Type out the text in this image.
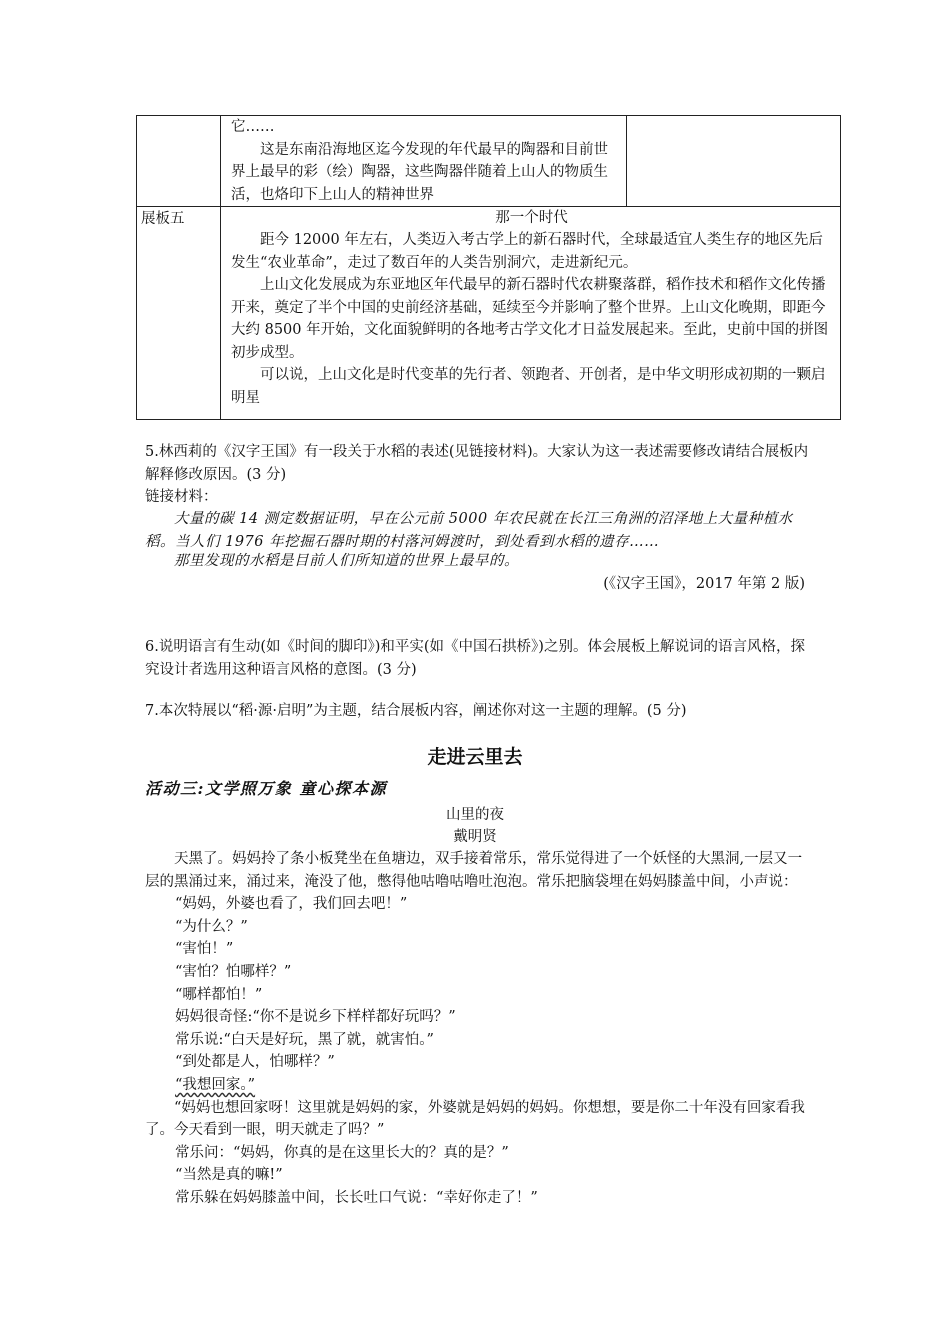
	它……

这是东南沿海地区迄今发现的年代最早的陶器和目前世界上最早的彩（绘）陶器，这些陶器伴随着上山人的物质生活，也烙印下上山人的精神世界	

展板五	那一个时代

距今 12000 年左右，人类迈入考古学上的新石器时代，全球最适宜人类生存的地区先后发生“农业革命”，走过了数百年的人类告别洞穴，走进新纪元。

上山文化发展成为东亚地区年代最早的新石器时代农耕聚落群，稻作技术和稻作文化传播开来，奠定了半个中国的史前经济基础，延续至今并影响了整个世界。上山文化晚期，即距今大约 8500 年开始，文化面貌鲜明的各地考古学文化才日益发展起来。至此，史前中国的拼图初步成型。

可以说，上山文化是时代变革的先行者、领跑者、开创者，是中华文明形成初期的一颗启明星	

5.林西莉的《汉字王国》有一段关于水稻的表述(见链接材料)。大家认为这一表述需要修改请结合展板内解释修改原因。(3 分)

链接材料：

大量的碳 14 测定数据证明，早在公元前 5000 年农民就在长江三角洲的沼泽地上大量种植水稻。当人们 1976 年挖掘石器时期的村落河姆渡时，到处看到水稻的遗存……

那里发现的水稻是目前人们所知道的世界上最早的。

(《汉字王国》，2017 年第 2 版)

6.说明语言有生动(如《时间的脚印》)和平实(如《中国石拱桥》)之别。体会展板上解说词的语言风格，探究设计者选用这种语言风格的意图。(3 分)

7.本次特展以“稻·源·启明”为主题，结合展板内容，阐述你对这一主题的理解。(5 分)

走进云里去

活动三:文学照万象 童心探本源

山里的夜

戴明贤

天黑了。妈妈拎了条小板凳坐在鱼塘边，双手接着常乐，常乐觉得进了一个妖怪的大黑洞,一层又一层的黑涌过来，涌过来，淹没了他，憋得他咕噜咕噜吐泡泡。常乐把脑袋埋在妈妈膝盖中间，小声说：

“妈妈，外婆也看了，我们回去吧！”

“为什么？”

“害怕！”

“害怕？怕哪样？”

“哪样都怕！”

妈妈很奇怪:“你不是说乡下样样都好玩吗？”

常乐说:“白天是好玩，黑了就，就害怕。”

“到处都是人，怕哪样？”

“我想回家。”

“妈妈也想回家呀！这里就是妈妈的家，外婆就是妈妈的妈妈。你想想，要是你二十年没有回家看我了。今天看到一眼，明天就走了吗？”

常乐问：“妈妈，你真的是在这里长大的？真的是？”

“当然是真的嘛!”

常乐躲在妈妈膝盖中间，长长吐口气说：“幸好你走了！”
